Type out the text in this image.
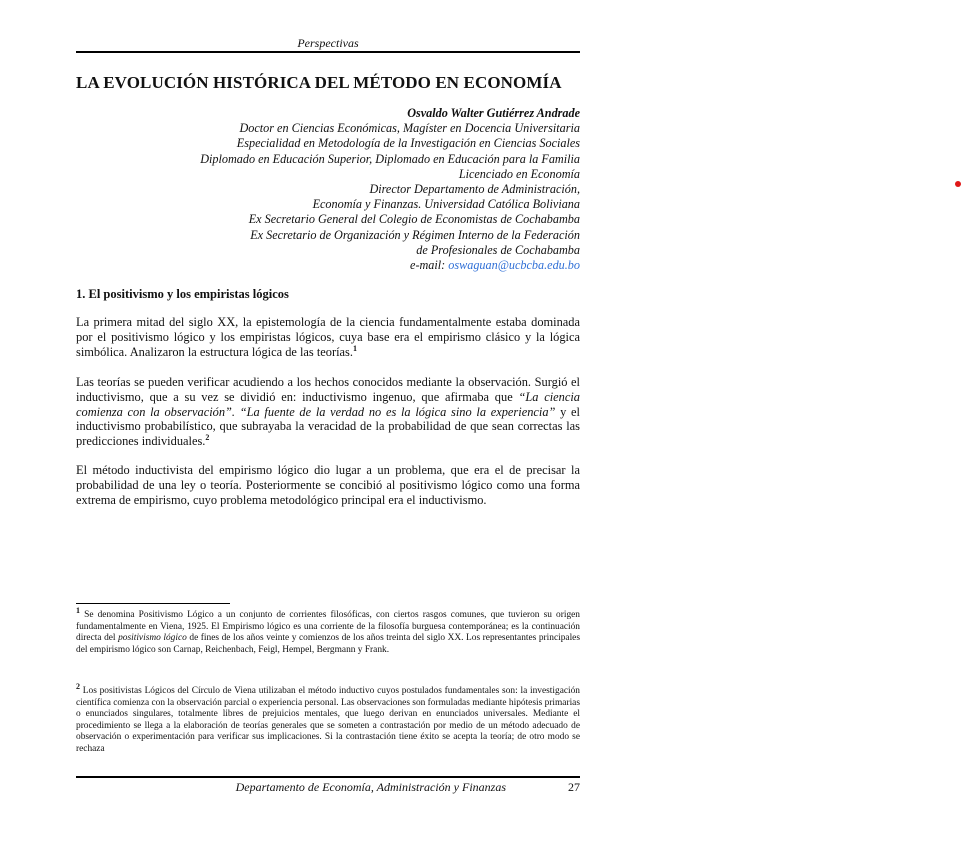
Perspectivas
LA EVOLUCIÓN HISTÓRICA DEL MÉTODO EN ECONOMÍA
Osvaldo Walter Gutiérrez Andrade
Doctor en Ciencias Económicas, Magíster en Docencia Universitaria
Especialidad en Metodología de la Investigación en Ciencias Sociales
Diplomado en Educación Superior, Diplomado en Educación para la Familia
Licenciado en Economía
Director Departamento de Administración,
Economía y Finanzas. Universidad Católica Boliviana
Ex Secretario General del Colegio de Economistas de Cochabamba
Ex Secretario de Organización y Régimen Interno de la Federación
de Profesionales de Cochabamba
e-mail: oswaguan@ucbcba.edu.bo
1. El positivismo y los empiristas lógicos
La primera mitad del siglo XX, la epistemología de la ciencia fundamentalmente estaba dominada por el positivismo lógico y los empiristas lógicos, cuya base era el empirismo clásico y la lógica simbólica. Analizaron la estructura lógica de las teorías.$^1$
Las teorías se pueden verificar acudiendo a los hechos conocidos mediante la observación. Surgió el inductivismo, que a su vez se dividió en: inductivismo ingenuo, que afirmaba que “La ciencia comienza con la observación”. “La fuente de la verdad no es la lógica sino la experiencia” y el inductivismo probabilístico, que subrayaba la veracidad de la probabilidad de que sean correctas las predicciones individuales.$^2$
El método inductivista del empirismo lógico dio lugar a un problema, que era el de precisar la probabilidad de una ley o teoría. Posteriormente se concibió al positivismo lógico como una forma extrema de empirismo, cuyo problema metodológico principal era el inductivismo.
$^1$ Se denomina Positivismo Lógico a un conjunto de corrientes filosóficas, con ciertos rasgos comunes, que tuvieron su origen fundamentalmente en Viena, 1925. El Empirismo lógico es una corriente de la filosofía burguesa contemporánea; es la continuación directa del positivismo lógico de fines de los años veinte y comienzos de los años treinta del siglo XX. Los representantes principales del empirismo lógico son Carnap, Reichenbach, Feigl, Hempel, Bergmann y Frank.
$^2$ Los positivistas Lógicos del Círculo de Viena utilizaban el método inductivo cuyos postulados fundamentales son: la investigación científica comienza con la observación parcial o experiencia personal. Las observaciones son formuladas mediante hipótesis primarias o enunciados singulares, totalmente libres de prejuicios mentales, que luego derivan en enunciados universales. Mediante el procedimiento se llega a la elaboración de teorías generales que se someten a contrastación por medio de un método adecuado de observación o experimentación para verificar sus implicaciones. Si la contrastación tiene éxito se acepta la teoría; de otro modo se rechaza
Departamento de Economía, Administración y Finanzas	27
